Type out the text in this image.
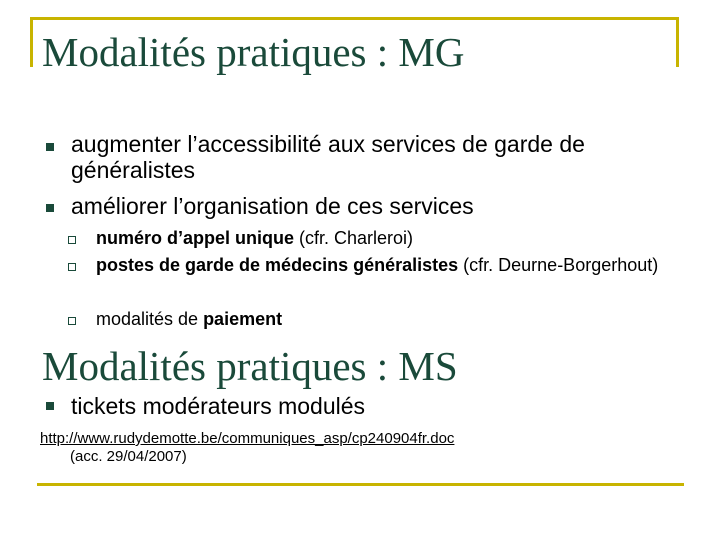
Modalités pratiques : MG
augmenter l’accessibilité aux services de garde de généralistes
améliorer l’organisation de ces services
numéro d’appel unique (cfr. Charleroi)
postes de garde de médecins généralistes (cfr. Deurne-Borgerhout)
modalités de paiement
Modalités pratiques : MS
tickets modérateurs modulés
http://www.rudydemotte.be/communiques_asp/cp240904fr.doc
(acc. 29/04/2007)
